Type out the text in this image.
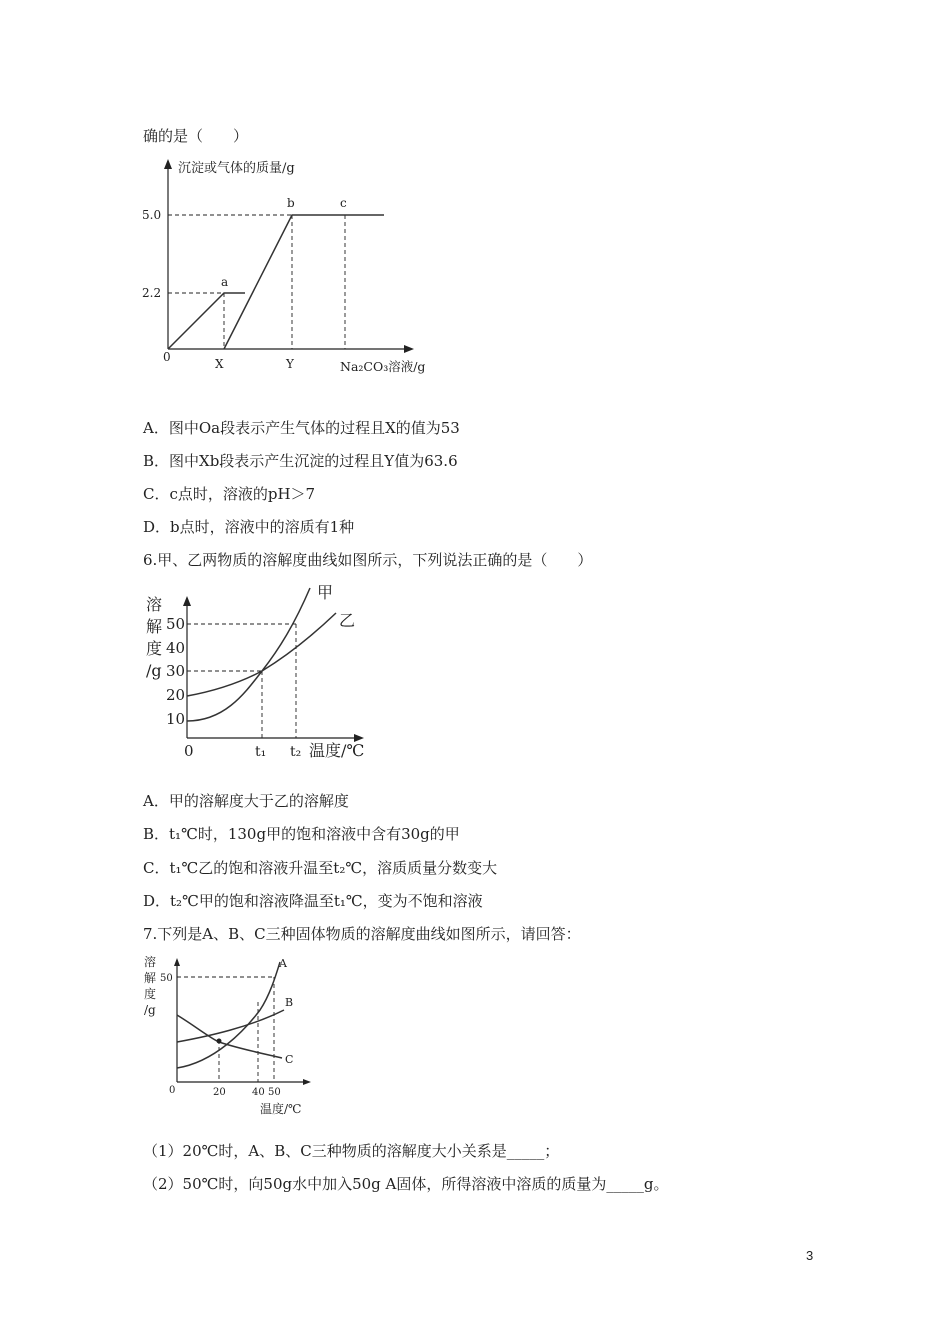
确的是（　　）
沉淀或气体的质量/g
5.0
2.2
0	X	Y	Na₂CO₃溶液/g
a
b	c
A．图中Oa段表示产生气体的过程且X的值为53
B．图中Xb段表示产生沉淀的过程且Y值为63.6
C．c点时，溶液的pH＞7
D．b点时，溶液中的溶质有1种
6.甲、乙两物质的溶解度曲线如图所示，下列说法正确的是（　　）
溶
解
度
/g
50
40
30
20
10
0	t₁ t₂ 温度/℃
甲
乙
A．甲的溶解度大于乙的溶解度
B．t₁℃时，130g甲的饱和溶液中含有30g的甲
C．t₁℃乙的饱和溶液升温至t₂℃，溶质质量分数变大
D．t₂℃甲的饱和溶液降温至t₁℃，变为不饱和溶液
7.下列是A、B、C三种固体物质的溶解度曲线如图所示，请回答：
溶
解
度
/g
50
0	20	40 50
温度/℃
A
B
C
（1）20℃时，A、B、C三种物质的溶解度大小关系是_____；
（2）50℃时，向50g水中加入50g A固体，所得溶液中溶质的质量为_____g。
3
